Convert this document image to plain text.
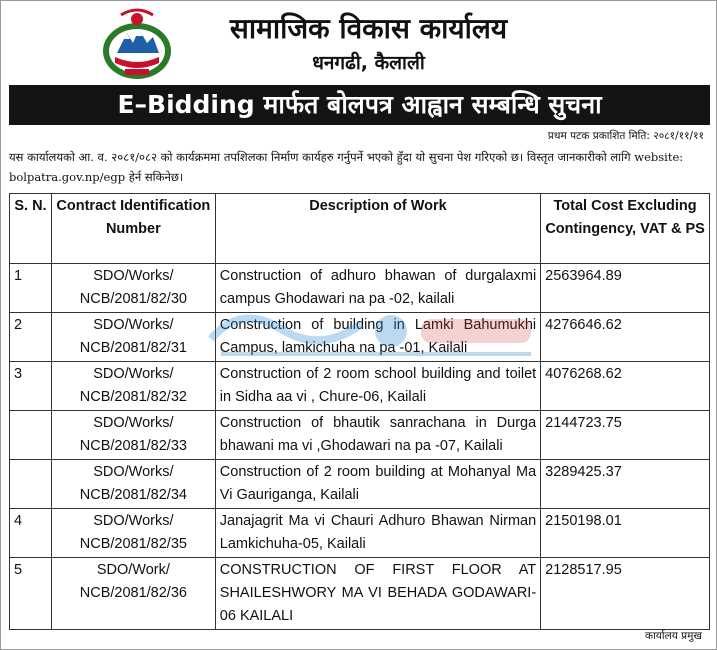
सामाजिक विकास कार्यालय
धनगढी, कैलाली
E–Bidding मार्फत बोलपत्र आह्वान सम्बन्धि सुचना
प्रथम पटक प्रकाशित मिति: २०८१/११/११
यस कार्यालयको आ. व. २०८१/०८२ को कार्यक्रममा तपशिलका निर्माण कार्यहरु गर्नुपर्ने भएको हुँदा यो सुचना पेश गरिएको छ। विस्तृत जानकारीको लागि website: bolpatra.gov.np/egp हेर्न सकिनेछ।
S. N.	Contract Identification Number	Description of Work	Total Cost Excluding Contingency, VAT & PS
1	SDO/Works/
NCB/2081/82/30	Construction of adhuro bhawan of durgalaxmi campus Ghodawari na pa -02, kailali	2563964.89
2	SDO/Works/
NCB/2081/82/31	Construction of building in Lamki Bahumukhi Campus, lamkichuha na pa -01, Kailali	4276646.62
3	SDO/Works/
NCB/2081/82/32	Construction of 2 room school building and toilet in Sidha aa vi , Chure-06, Kailali	4076268.62

	SDO/Works/
NCB/2081/82/33	Construction of bhautik sanrachana in Durga bhawani ma vi ,Ghodawari na pa -07, Kailali	2144723.75

	SDO/Works/
NCB/2081/82/34	Construction of 2 room building at Mohanyal Ma Vi Gauriganga, Kailali	3289425.37
4	SDO/Works/
NCB/2081/82/35	Janajagrit Ma vi Chauri Adhuro Bhawan Nirman Lamkichuha-05, Kailali	2150198.01
5	SDO/Work/
NCB/2081/82/36	CONSTRUCTION OF FIRST FLOOR AT SHAILESHWORY MA VI BEHADA GODAWARI-06 KAILALI	2128517.95
कार्यालय प्रमुख
